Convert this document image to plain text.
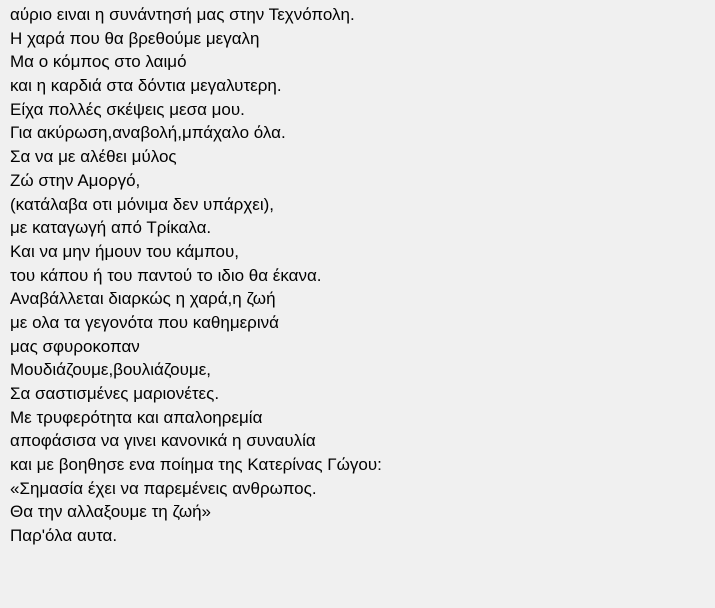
αύριο ειναι η συνάντησή μας στην Τεχνόπολη.
Η χαρά που θα βρεθούμε μεγαλη
Μα ο κόμπος στο λαιμό
και η καρδιά στα δόντια μεγαλυτερη.
Είχα πολλές σκέψεις μεσα μου.
Για ακύρωση,αναβολή,μπάχαλο όλα.
Σα να με αλέθει μύλος
Ζώ στην Αμοργό,
(κατάλαβα οτι μόνιμα δεν υπάρχει),
με καταγωγή από Τρίκαλα.
Και να μην ήμουν του κάμπου,
του κάπου ή του παντού το ιδιο θα έκανα.
Αναβάλλεται διαρκώς η χαρά,η ζωή
με ολα τα γεγονότα που καθημερινά
μας σφυροκοπαν
Μουδιάζουμε,βουλιάζουμε,
Σα σαστισμένες μαριονέτες.
Με τρυφερότητα και απαλοηρεμία
αποφάσισα να γινει κανονικά η συναυλία
και με βοηθησε ενα ποίημα της Κατερίνας Γώγου:
«Σημασία έχει να παρεμένεις ανθρωπος.
Θα την αλλαξουμε τη ζωή»
Παρ'όλα αυτα.
